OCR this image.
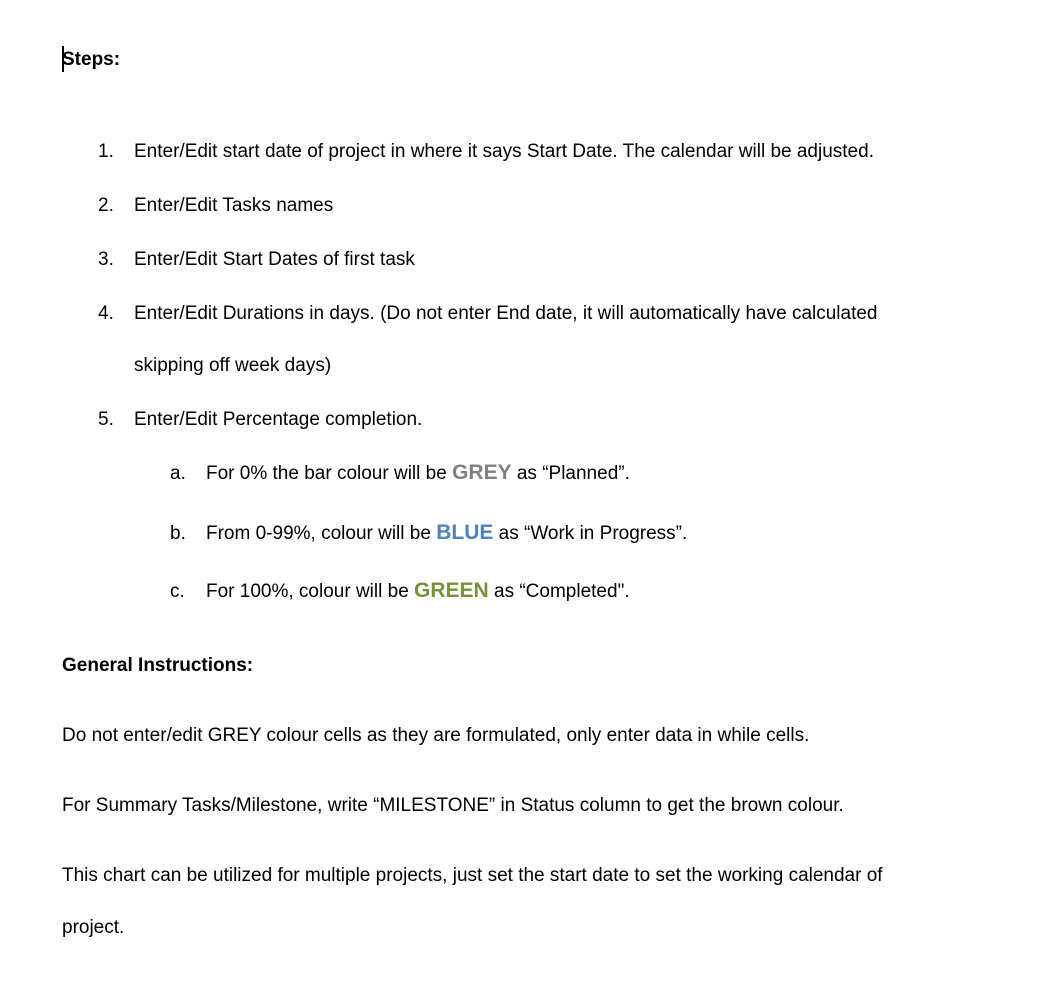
Steps:
1. Enter/Edit start date of project in where it says Start Date. The calendar will be adjusted.
2. Enter/Edit Tasks names
3. Enter/Edit Start Dates of first task
4. Enter/Edit Durations in days. (Do not enter End date, it will automatically have calculated
skipping off week days)
5. Enter/Edit Percentage completion.
a. For 0% the bar colour will be GREY as “Planned”.
b. From 0-99%, colour will be BLUE as “Work in Progress”.
c. For 100%, colour will be GREEN as “Completed".
General Instructions:
Do not enter/edit GREY colour cells as they are formulated, only enter data in while cells.
For Summary Tasks/Milestone, write “MILESTONE” in Status column to get the brown colour.
This chart can be utilized for multiple projects, just set the start date to set the working calendar of
project.
